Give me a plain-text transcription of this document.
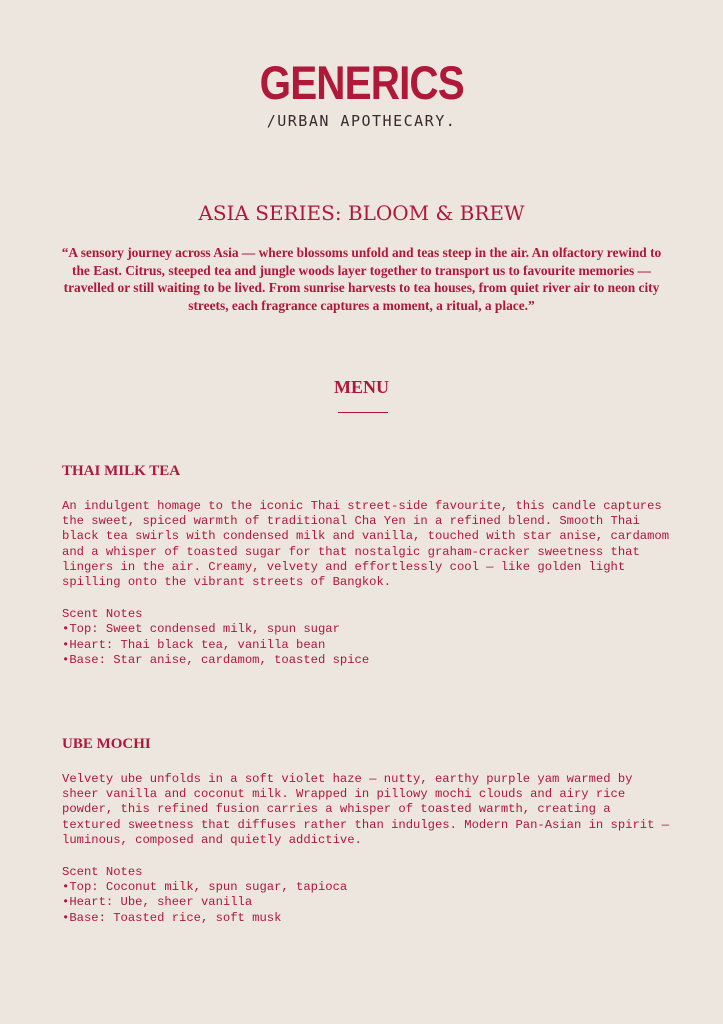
GENERICS
/URBAN APOTHECARY.
ASIA SERIES: BLOOM & BREW

“A sensory journey across Asia — where blossoms unfold and teas steep in the air. An olfactory rewind to the East. Citrus, steeped tea and jungle woods layer together to transport us to favourite memories — travelled or still waiting to be lived. From sunrise harvests to tea houses, from quiet river air to neon city streets, each fragrance captures a moment, a ritual, a place.”

MENU
THAI MILK TEA

An indulgent homage to the iconic Thai street-side favourite, this candle captures the sweet, spiced warmth of traditional Cha Yen in a refined blend. Smooth Thai black tea swirls with condensed milk and vanilla, touched with star anise, cardamom and a whisper of toasted sugar for that nostalgic graham-cracker sweetness that lingers in the air. Creamy, velvety and effortlessly cool — like golden light spilling onto the vibrant streets of Bangkok.

Scent Notes
• Top: Sweet condensed milk, spun sugar
• Heart: Thai black tea, vanilla bean
• Base: Star anise, cardamom, toasted spice
UBE MOCHI

Velvety ube unfolds in a soft violet haze — nutty, earthy purple yam warmed by sheer vanilla and coconut milk. Wrapped in pillowy mochi clouds and airy rice powder, this refined fusion carries a whisper of toasted warmth, creating a textured sweetness that diffuses rather than indulges. Modern Pan-Asian in spirit — luminous, composed and quietly addictive.

Scent Notes
• Top: Coconut milk, spun sugar, tapioca
• Heart: Ube, sheer vanilla
• Base: Toasted rice, soft musk
